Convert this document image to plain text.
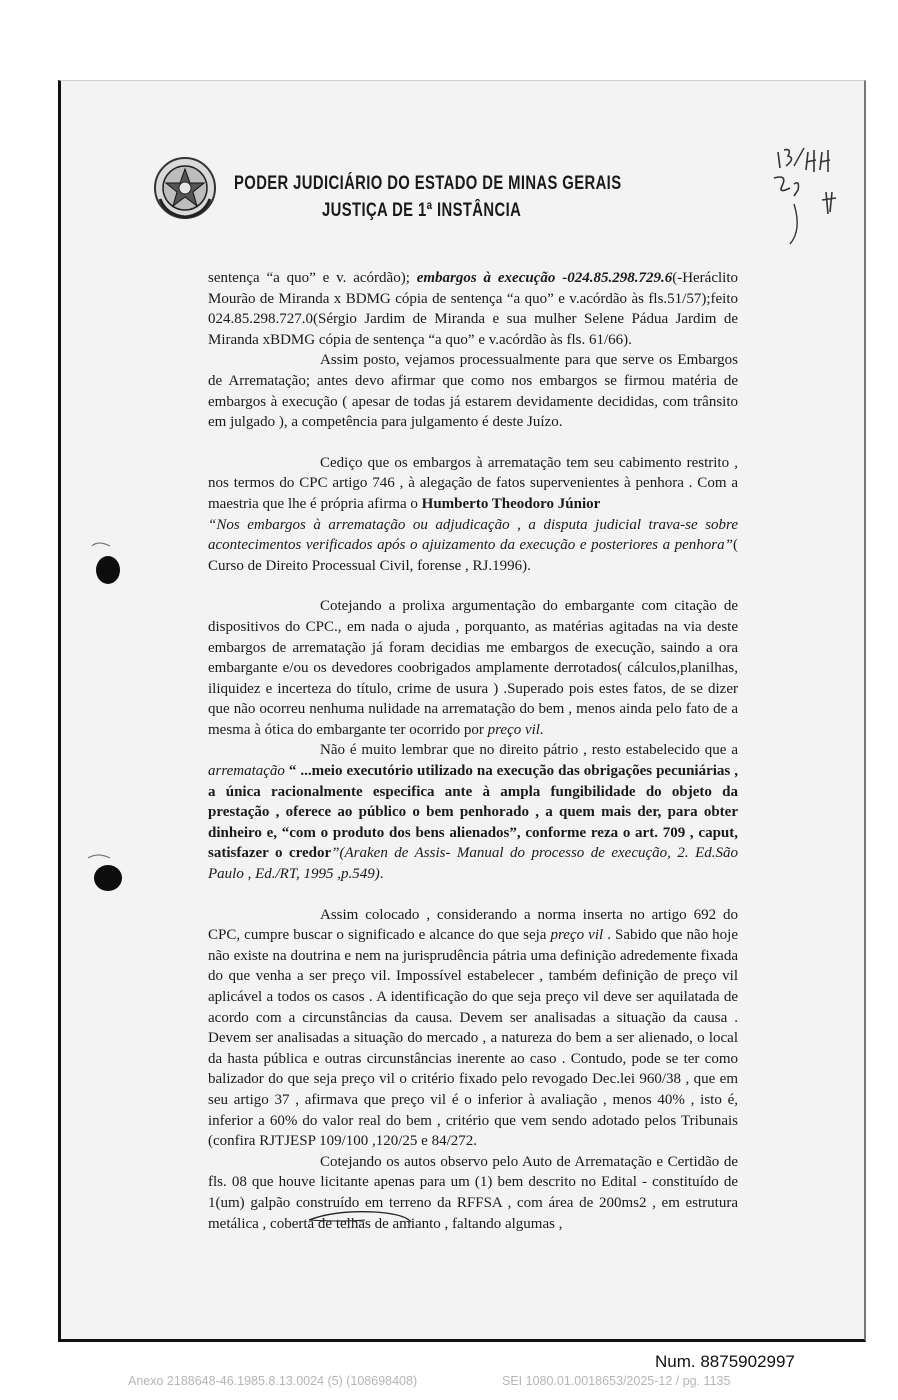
PODER JUDICIÁRIO DO ESTADO DE MINAS GERAIS
JUSTIÇA DE 1ª INSTÂNCIA

sentença “a quo” e v. acórdão); embargos à execução -024.85.298.729.6(-Heráclito Mourão de Miranda x BDMG cópia de sentença “a quo” e v.acórdão às fls.51/57);feito 024.85.298.727.0(Sérgio Jardim de Miranda e sua mulher Selene Pádua Jardim de Miranda xBDMG cópia de sentença “a quo” e v.acórdão às fls. 61/66).

Assim posto, vejamos processualmente para que serve os Embargos de Arrematação; antes devo afirmar que como nos embargos se firmou matéria de embargos à execução ( apesar de todas já estarem devidamente decididas, com trânsito em julgado ), a competência para julgamento é deste Juízo.

Cediço que os embargos à arrematação tem seu cabimento restrito , nos termos do CPC artigo 746 , à alegação de fatos supervenientes à penhora . Com a maestria que lhe é própria afirma o Humberto Theodoro Júnior
“Nos embargos à arrematação ou adjudicação , a disputa judicial trava-se sobre acontecimentos verificados após o ajuizamento da execução e posteriores a penhora”( Curso de Direito Processual Civil, forense , RJ.1996).

Cotejando a prolixa argumentação do embargante com citação de dispositivos do CPC., em nada o ajuda , porquanto, as matérias agitadas na via deste embargos de arrematação já foram decidias me embargos de execução, saindo a ora embargante e/ou os devedores coobrigados amplamente derrotados( cálculos,planilhas, iliquidez e incerteza do título, crime de usura ) .Superado pois estes fatos, de se dizer que não ocorreu nenhuma nulidade na arrematação do bem , menos ainda pelo fato de a mesma à ótica do embargante ter ocorrido por preço vil.

Não é muito lembrar que no direito pátrio , resto estabelecido que a arrematação “ ...meio executório utilizado na execução das obrigações pecuniárias , a única racionalmente especifica ante à ampla fungibilidade do objeto da prestação , oferece ao público o bem penhorado , a quem mais der, para obter dinheiro e, “com o produto dos bens alienados”, conforme reza o art. 709 , caput, satisfazer o credor”(Araken de Assis- Manual do processo de execução, 2. Ed.São Paulo , Ed./RT, 1995 ,p.549).

Assim colocado , considerando a norma inserta no artigo 692 do CPC, cumpre buscar o significado e alcance do que seja preço vil . Sabido que não hoje não existe na doutrina e nem na jurisprudência pátria uma definição adredemente fixada do que venha a ser preço vil. Impossível estabelecer , também definição de preço vil aplicável a todos os casos . A identificação do que seja preço vil deve ser aquilatada de acordo com a circunstâncias da causa. Devem ser analisadas a situação da causa . Devem ser analisadas a situação do mercado , a natureza do bem a ser alienado, o local da hasta pública e outras circunstâncias inerente ao caso . Contudo, pode se ter como balizador do que seja preço vil o critério fixado pelo revogado Dec.lei 960/38 , que em seu artigo 37 , afirmava que preço vil é o inferior à avaliação , menos 40% , isto é, inferior a 60% do valor real do bem , critério que vem sendo adotado pelos Tribunais (confira RJTJESP 109/100 ,120/25 e 84/272.

Cotejando os autos observo pelo Auto de Arrematação e Certidão de fls. 08 que houve licitante apenas para um (1) bem descrito no Edital - constituído de 1(um) galpão construído em terreno da RFFSA , com área de 200ms2 , em estrutura metálica , coberta de telhas de amianto , faltando algumas ,

Num. 8875902997
Anexo 2188648-46.1985.8.13.0024 (5) (108698408)	SEI 1080.01.0018653/2025-12 / pg. 1135
